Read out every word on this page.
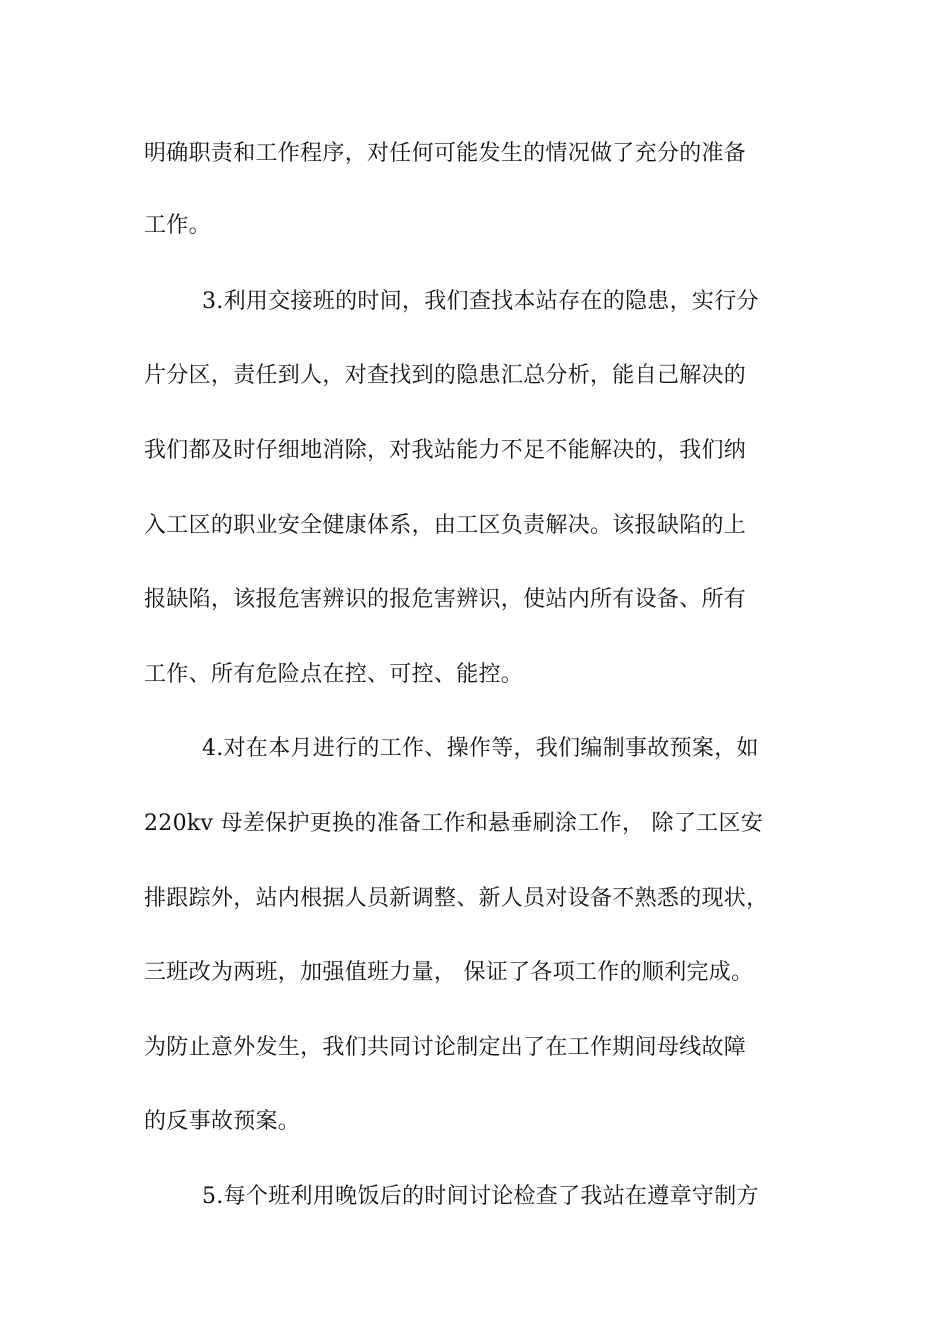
明确职责和工作程序，对任何可能发生的情况做了充分的准备
工作。
3.利用交接班的时间，我们查找本站存在的隐患，实行分
片分区，责任到人，对查找到的隐患汇总分析，能自己解决的
我们都及时仔细地消除，对我站能力不足不能解决的，我们纳
入工区的职业安全健康体系，由工区负责解决。该报缺陷的上
报缺陷，该报危害辨识的报危害辨识，使站内所有设备、所有
工作、所有危险点在控、可控、能控。
4.对在本月进行的工作、操作等，我们编制事故预案，如
220kv 母差保护更换的准备工作和悬垂刷涂工作， 除了工区安
排跟踪外，站内根据人员新调整、新人员对设备不熟悉的现状，
三班改为两班，加强值班力量， 保证了各项工作的顺利完成。
为防止意外发生，我们共同讨论制定出了在工作期间母线故障
的反事故预案。
5.每个班利用晚饭后的时间讨论检查了我站在遵章守制方
